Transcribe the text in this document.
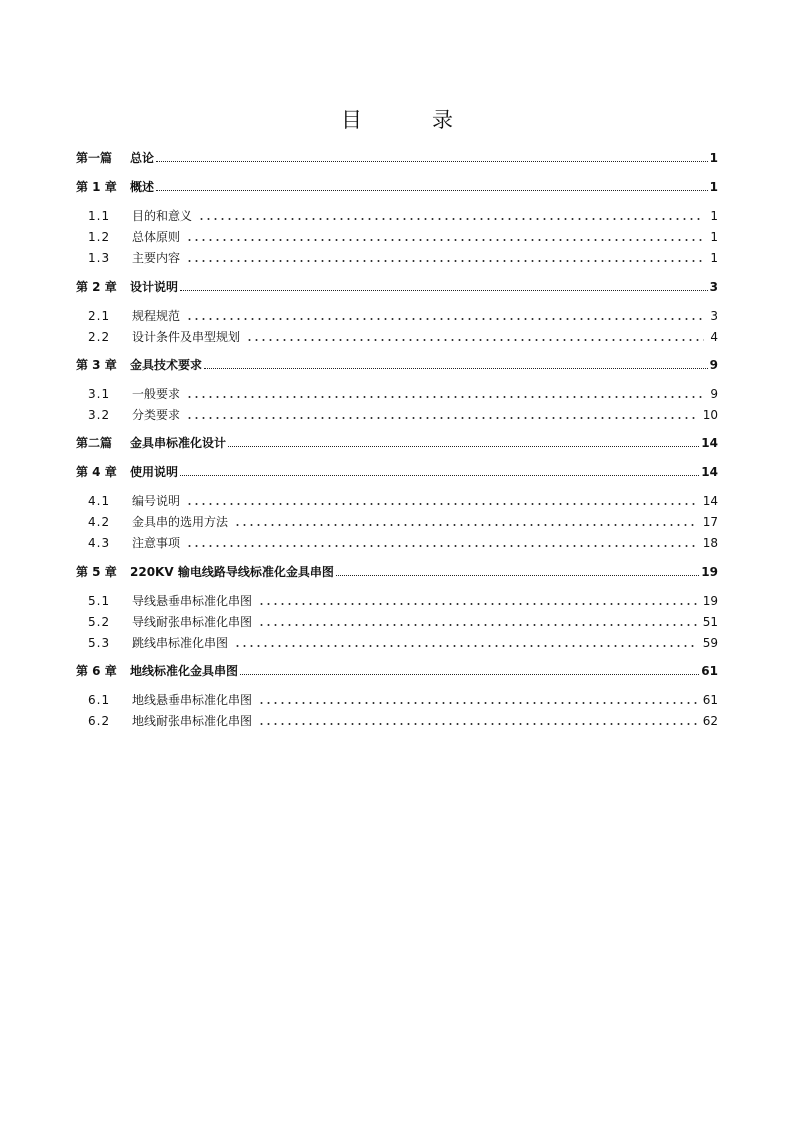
目	录
第一篇	总论	1
第 1 章	概述	1
1.1	目的和意义	1
1.2	总体原则	1
1.3	主要内容	1
第 2 章	设计说明	3
2.1	规程规范	3
2.2	设计条件及串型规划	4
第 3 章	金具技术要求	9
3.1	一般要求	9
3.2	分类要求	10
第二篇	金具串标准化设计	14
第 4 章	使用说明	14
4.1	编号说明	14
4.2	金具串的选用方法	17
4.3	注意事项	18
第 5 章	220KV 输电线路导线标准化金具串图	19
5.1	导线悬垂串标准化串图	19
5.2	导线耐张串标准化串图	51
5.3	跳线串标准化串图	59
第 6 章	地线标准化金具串图	61
6.1	地线悬垂串标准化串图	61
6.2	地线耐张串标准化串图	62
